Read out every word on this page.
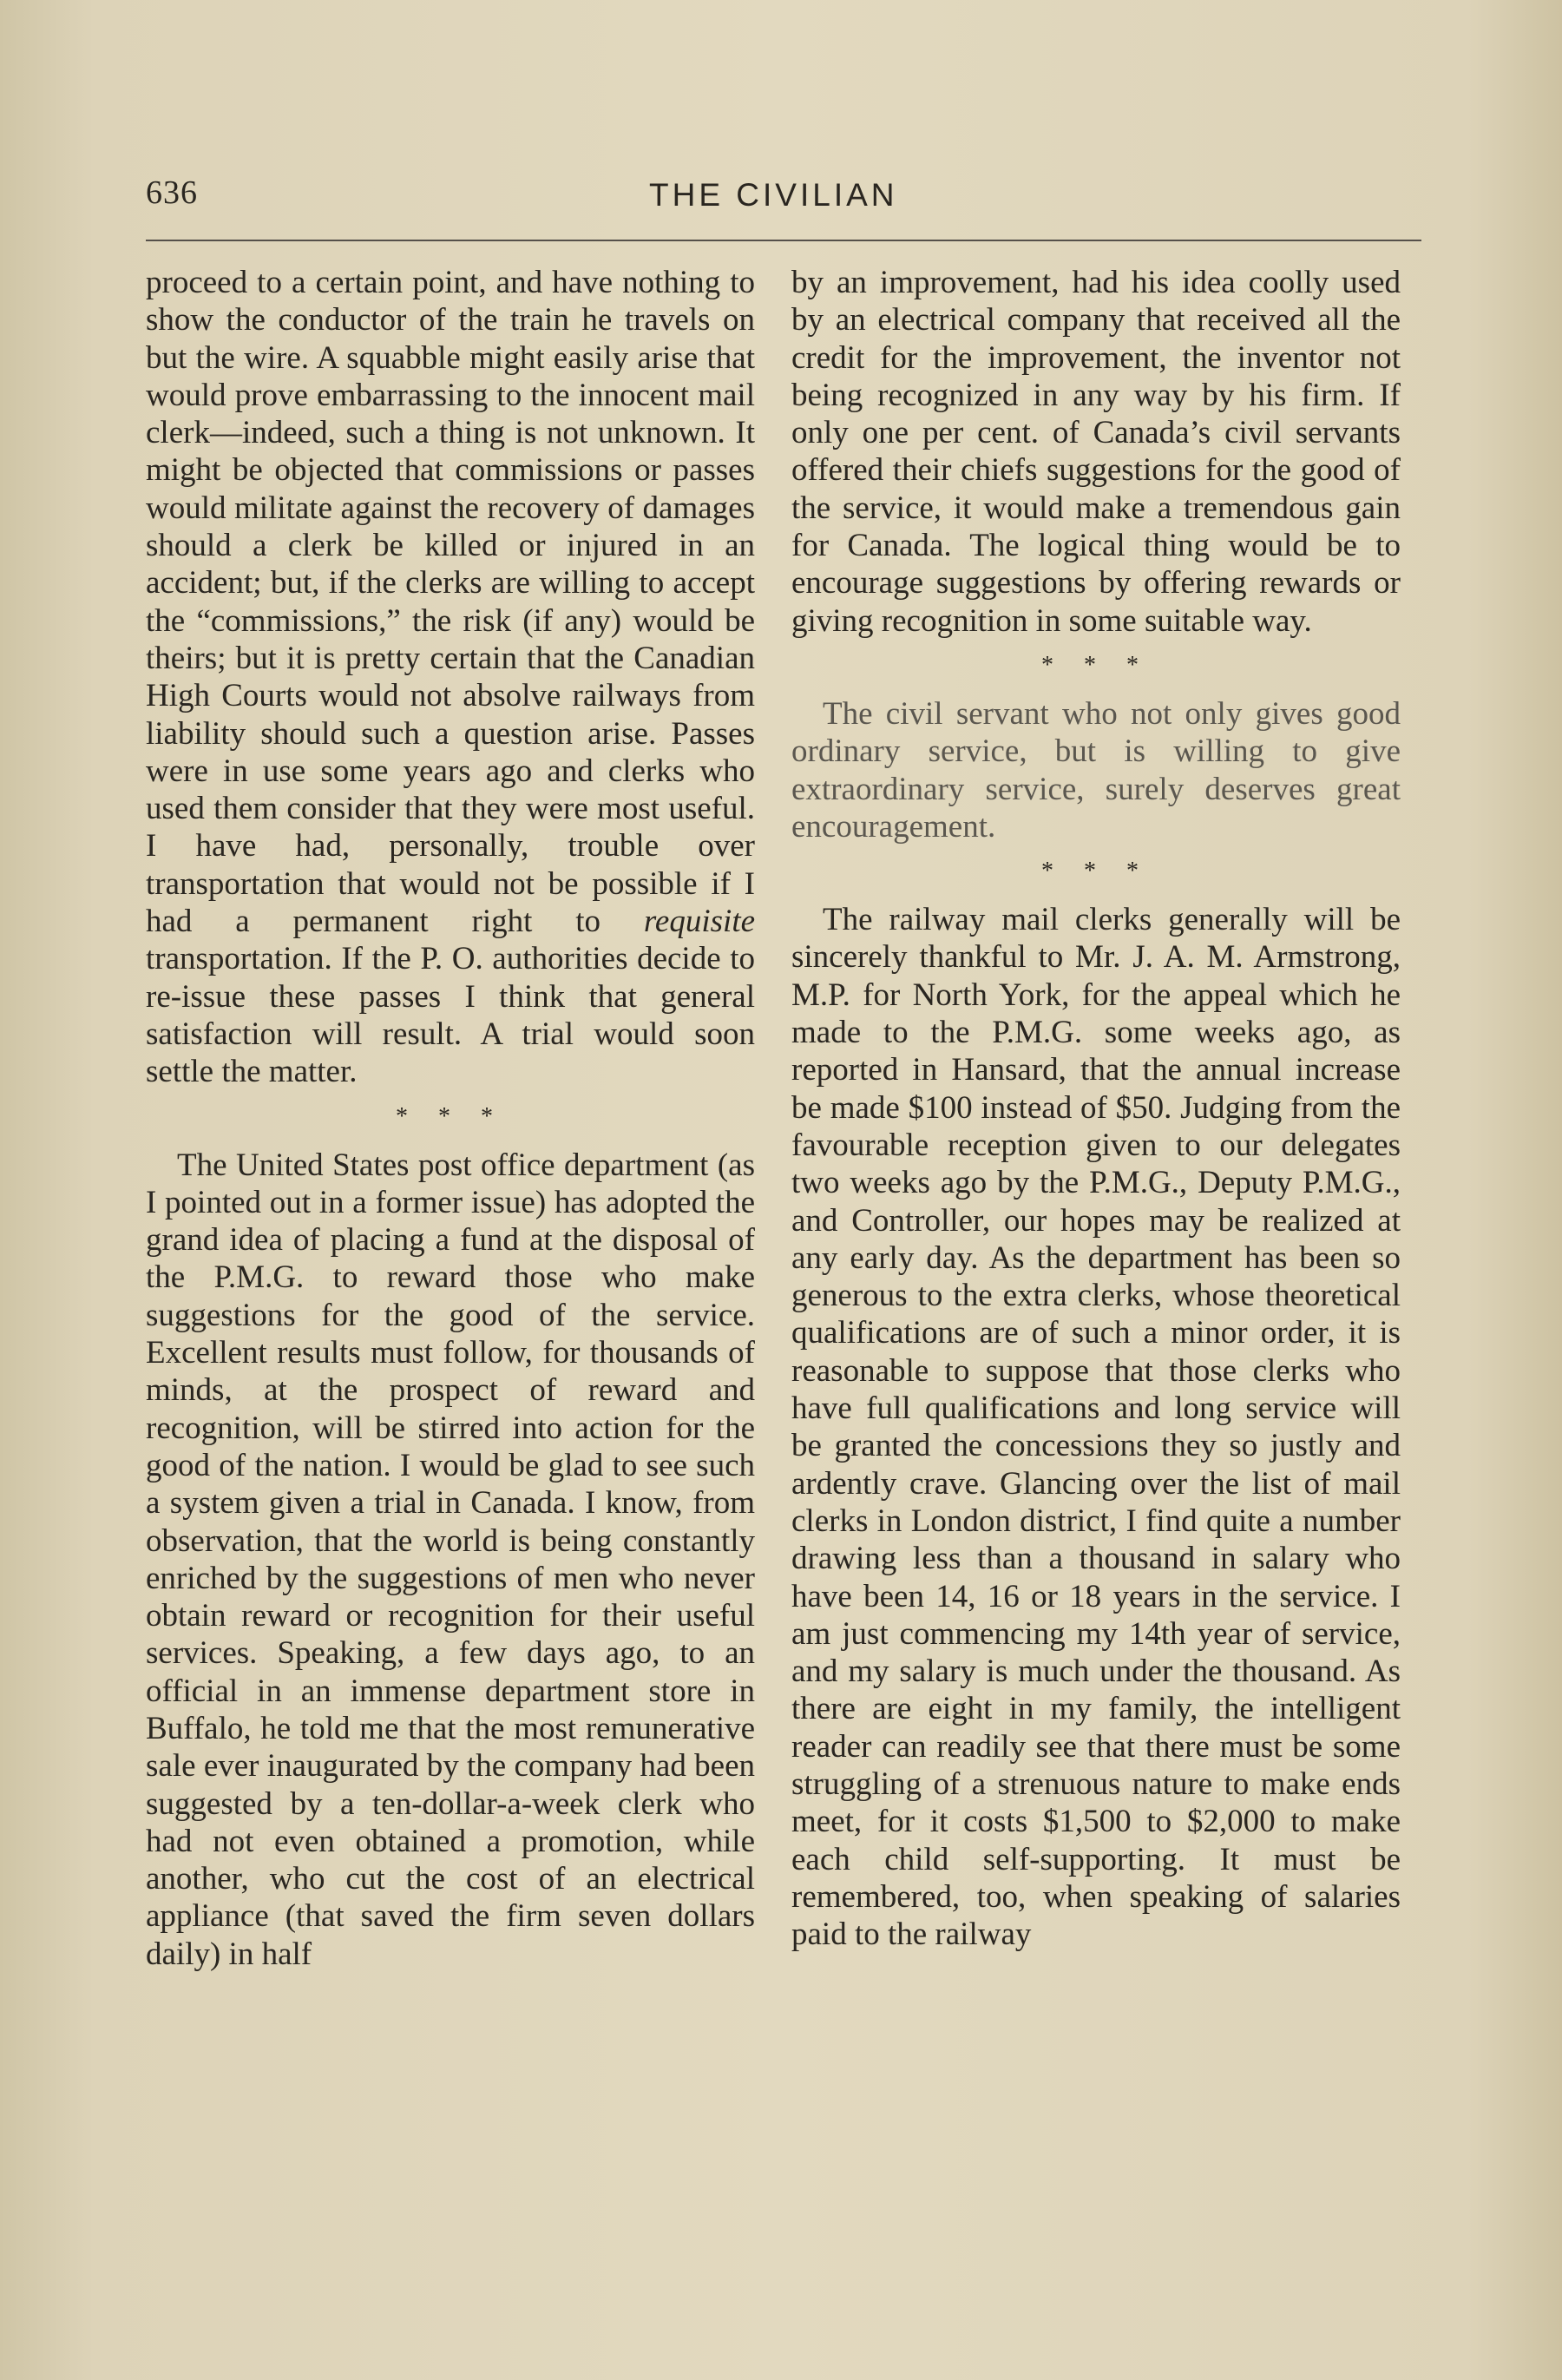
636	THE CIVILIAN

proceed to a certain point, and have nothing to show the conductor of the train he travels on but the wire. A squabble might easily arise that would prove embarrassing to the innocent mail clerk—indeed, such a thing is not unknown. It might be objected that commissions or passes would militate against the recovery of damages should a clerk be killed or injured in an accident; but, if the clerks are willing to accept the “commissions,” the risk (if any) would be theirs; but it is pretty certain that the Canadian High Courts would not absolve railways from liability should such a question arise. Passes were in use some years ago and clerks who used them consider that they were most useful. I have had, personally, trouble over transportation that would not be possible if I had a permanent right to requisite transportation. If the P. O. authorities decide to re-issue these passes I think that general satisfaction will result. A trial would soon settle the matter.

* * *

The United States post office department (as I pointed out in a former issue) has adopted the grand idea of placing a fund at the disposal of the P.M.G. to reward those who make suggestions for the good of the service. Excellent results must follow, for thousands of minds, at the prospect of reward and recognition, will be stirred into action for the good of the nation. I would be glad to see such a system given a trial in Canada. I know, from observation, that the world is being constantly enriched by the suggestions of men who never obtain reward or recognition for their useful services. Speaking, a few days ago, to an official in an immense department store in Buffalo, he told me that the most remunerative sale ever inaugurated by the company had been suggested by a ten-dollar-a-week clerk who had not even obtained a promotion, while another, who cut the cost of an electrical appliance (that saved the firm seven dollars daily) in half

by an improvement, had his idea coolly used by an electrical company that received all the credit for the improvement, the inventor not being recognized in any way by his firm. If only one per cent. of Canada’s civil servants offered their chiefs suggestions for the good of the service, it would make a tremendous gain for Canada. The logical thing would be to encourage suggestions by offering rewards or giving recognition in some suitable way.

* * *

The civil servant who not only gives good ordinary service, but is willing to give extraordinary service, surely deserves great encouragement.

* * *

The railway mail clerks generally will be sincerely thankful to Mr. J. A. M. Armstrong, M.P. for North York, for the appeal which he made to the P.M.G. some weeks ago, as reported in Hansard, that the annual increase be made $100 instead of $50. Judging from the favourable reception given to our delegates two weeks ago by the P.M.G., Deputy P.M.G., and Controller, our hopes may be realized at any early day. As the department has been so generous to the extra clerks, whose theoretical qualifications are of such a minor order, it is reasonable to suppose that those clerks who have full qualifications and long service will be granted the concessions they so justly and ardently crave. Glancing over the list of mail clerks in London district, I find quite a number drawing less than a thousand in salary who have been 14, 16 or 18 years in the service. I am just commencing my 14th year of service, and my salary is much under the thousand. As there are eight in my family, the intelligent reader can readily see that there must be some struggling of a strenuous nature to make ends meet, for it costs $1,500 to $2,000 to make each child self-supporting. It must be remembered, too, when speaking of salaries paid to the railway
